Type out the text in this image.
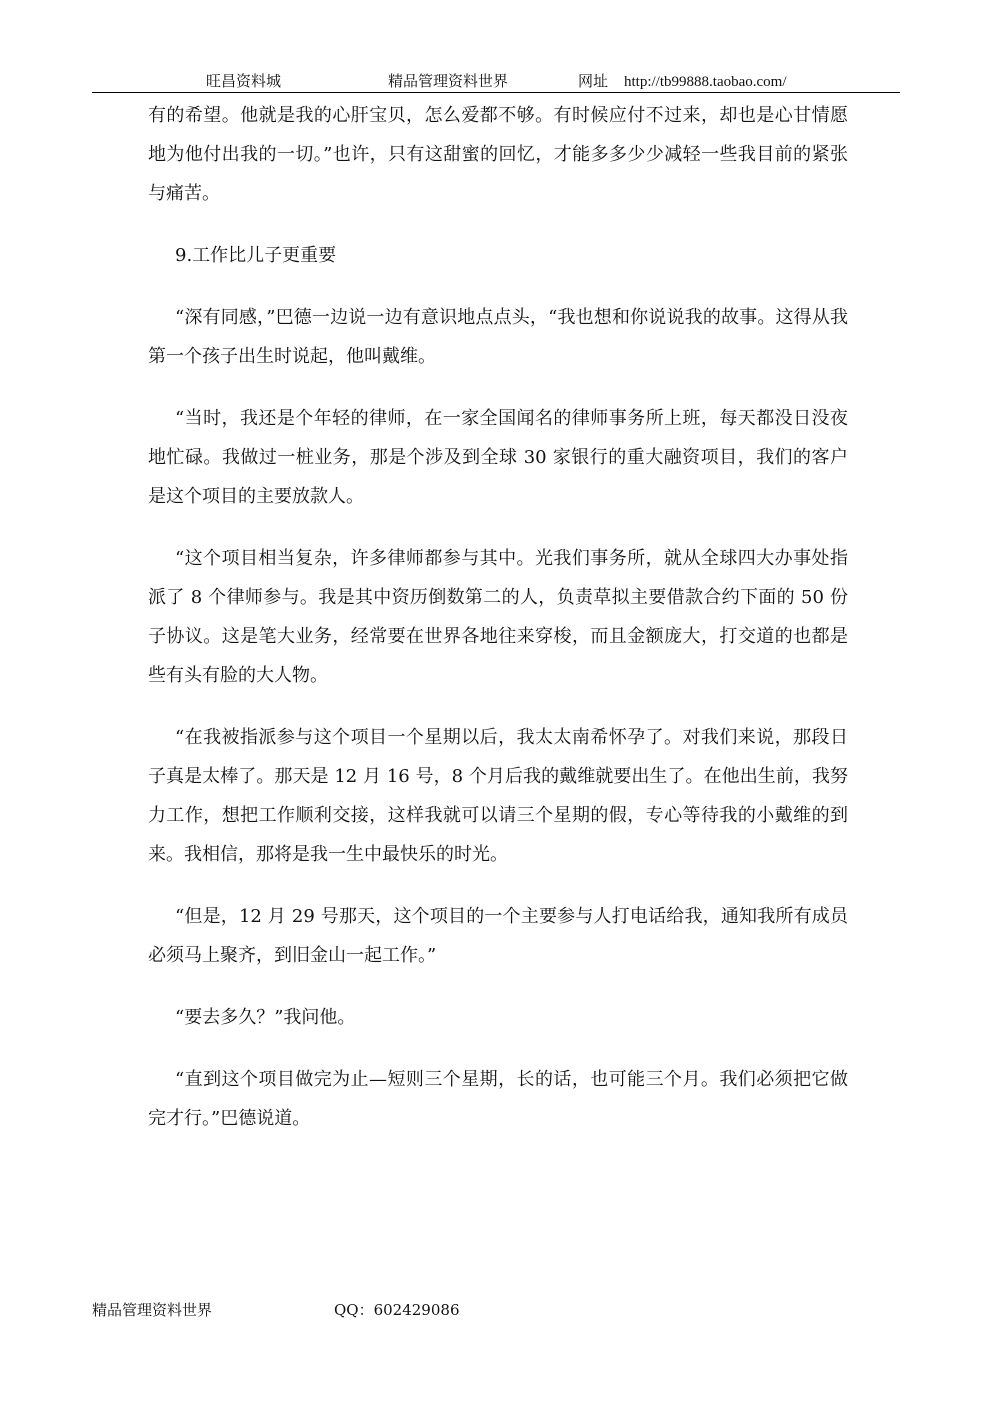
旺昌资料城	精品管理资料世界	网址 http://tb99888.taobao.com/

有的希望。他就是我的心肝宝贝，怎么爱都不够。有时候应付不过来，却也是心甘情愿地为他付出我的一切。”也许，只有这甜蜜的回忆，才能多多少少减轻一些我目前的紧张与痛苦。

9.工作比儿子更重要

“深有同感，”巴德一边说一边有意识地点点头，“我也想和你说说我的故事。这得从我第一个孩子出生时说起，他叫戴维。

“当时，我还是个年轻的律师，在一家全国闻名的律师事务所上班，每天都没日没夜地忙碌。我做过一桩业务，那是个涉及到全球 30 家银行的重大融资项目，我们的客户是这个项目的主要放款人。

“这个项目相当复杂，许多律师都参与其中。光我们事务所，就从全球四大办事处指派了 8 个律师参与。我是其中资历倒数第二的人，负责草拟主要借款合约下面的 50 份子协议。这是笔大业务，经常要在世界各地往来穿梭，而且金额庞大，打交道的也都是些有头有脸的大人物。

“在我被指派参与这个项目一个星期以后，我太太南希怀孕了。对我们来说，那段日子真是太棒了。那天是 12 月 16 号，8 个月后我的戴维就要出生了。在他出生前，我努力工作，想把工作顺利交接，这样我就可以请三个星期的假，专心等待我的小戴维的到来。我相信，那将是我一生中最快乐的时光。

“但是，12 月 29 号那天，这个项目的一个主要参与人打电话给我，通知我所有成员必须马上聚齐，到旧金山一起工作。”

“要去多久？”我问他。

“直到这个项目做完为止—短则三个星期，长的话，也可能三个月。我们必须把它做完才行。”巴德说道。

精品管理资料世界	QQ：602429086
